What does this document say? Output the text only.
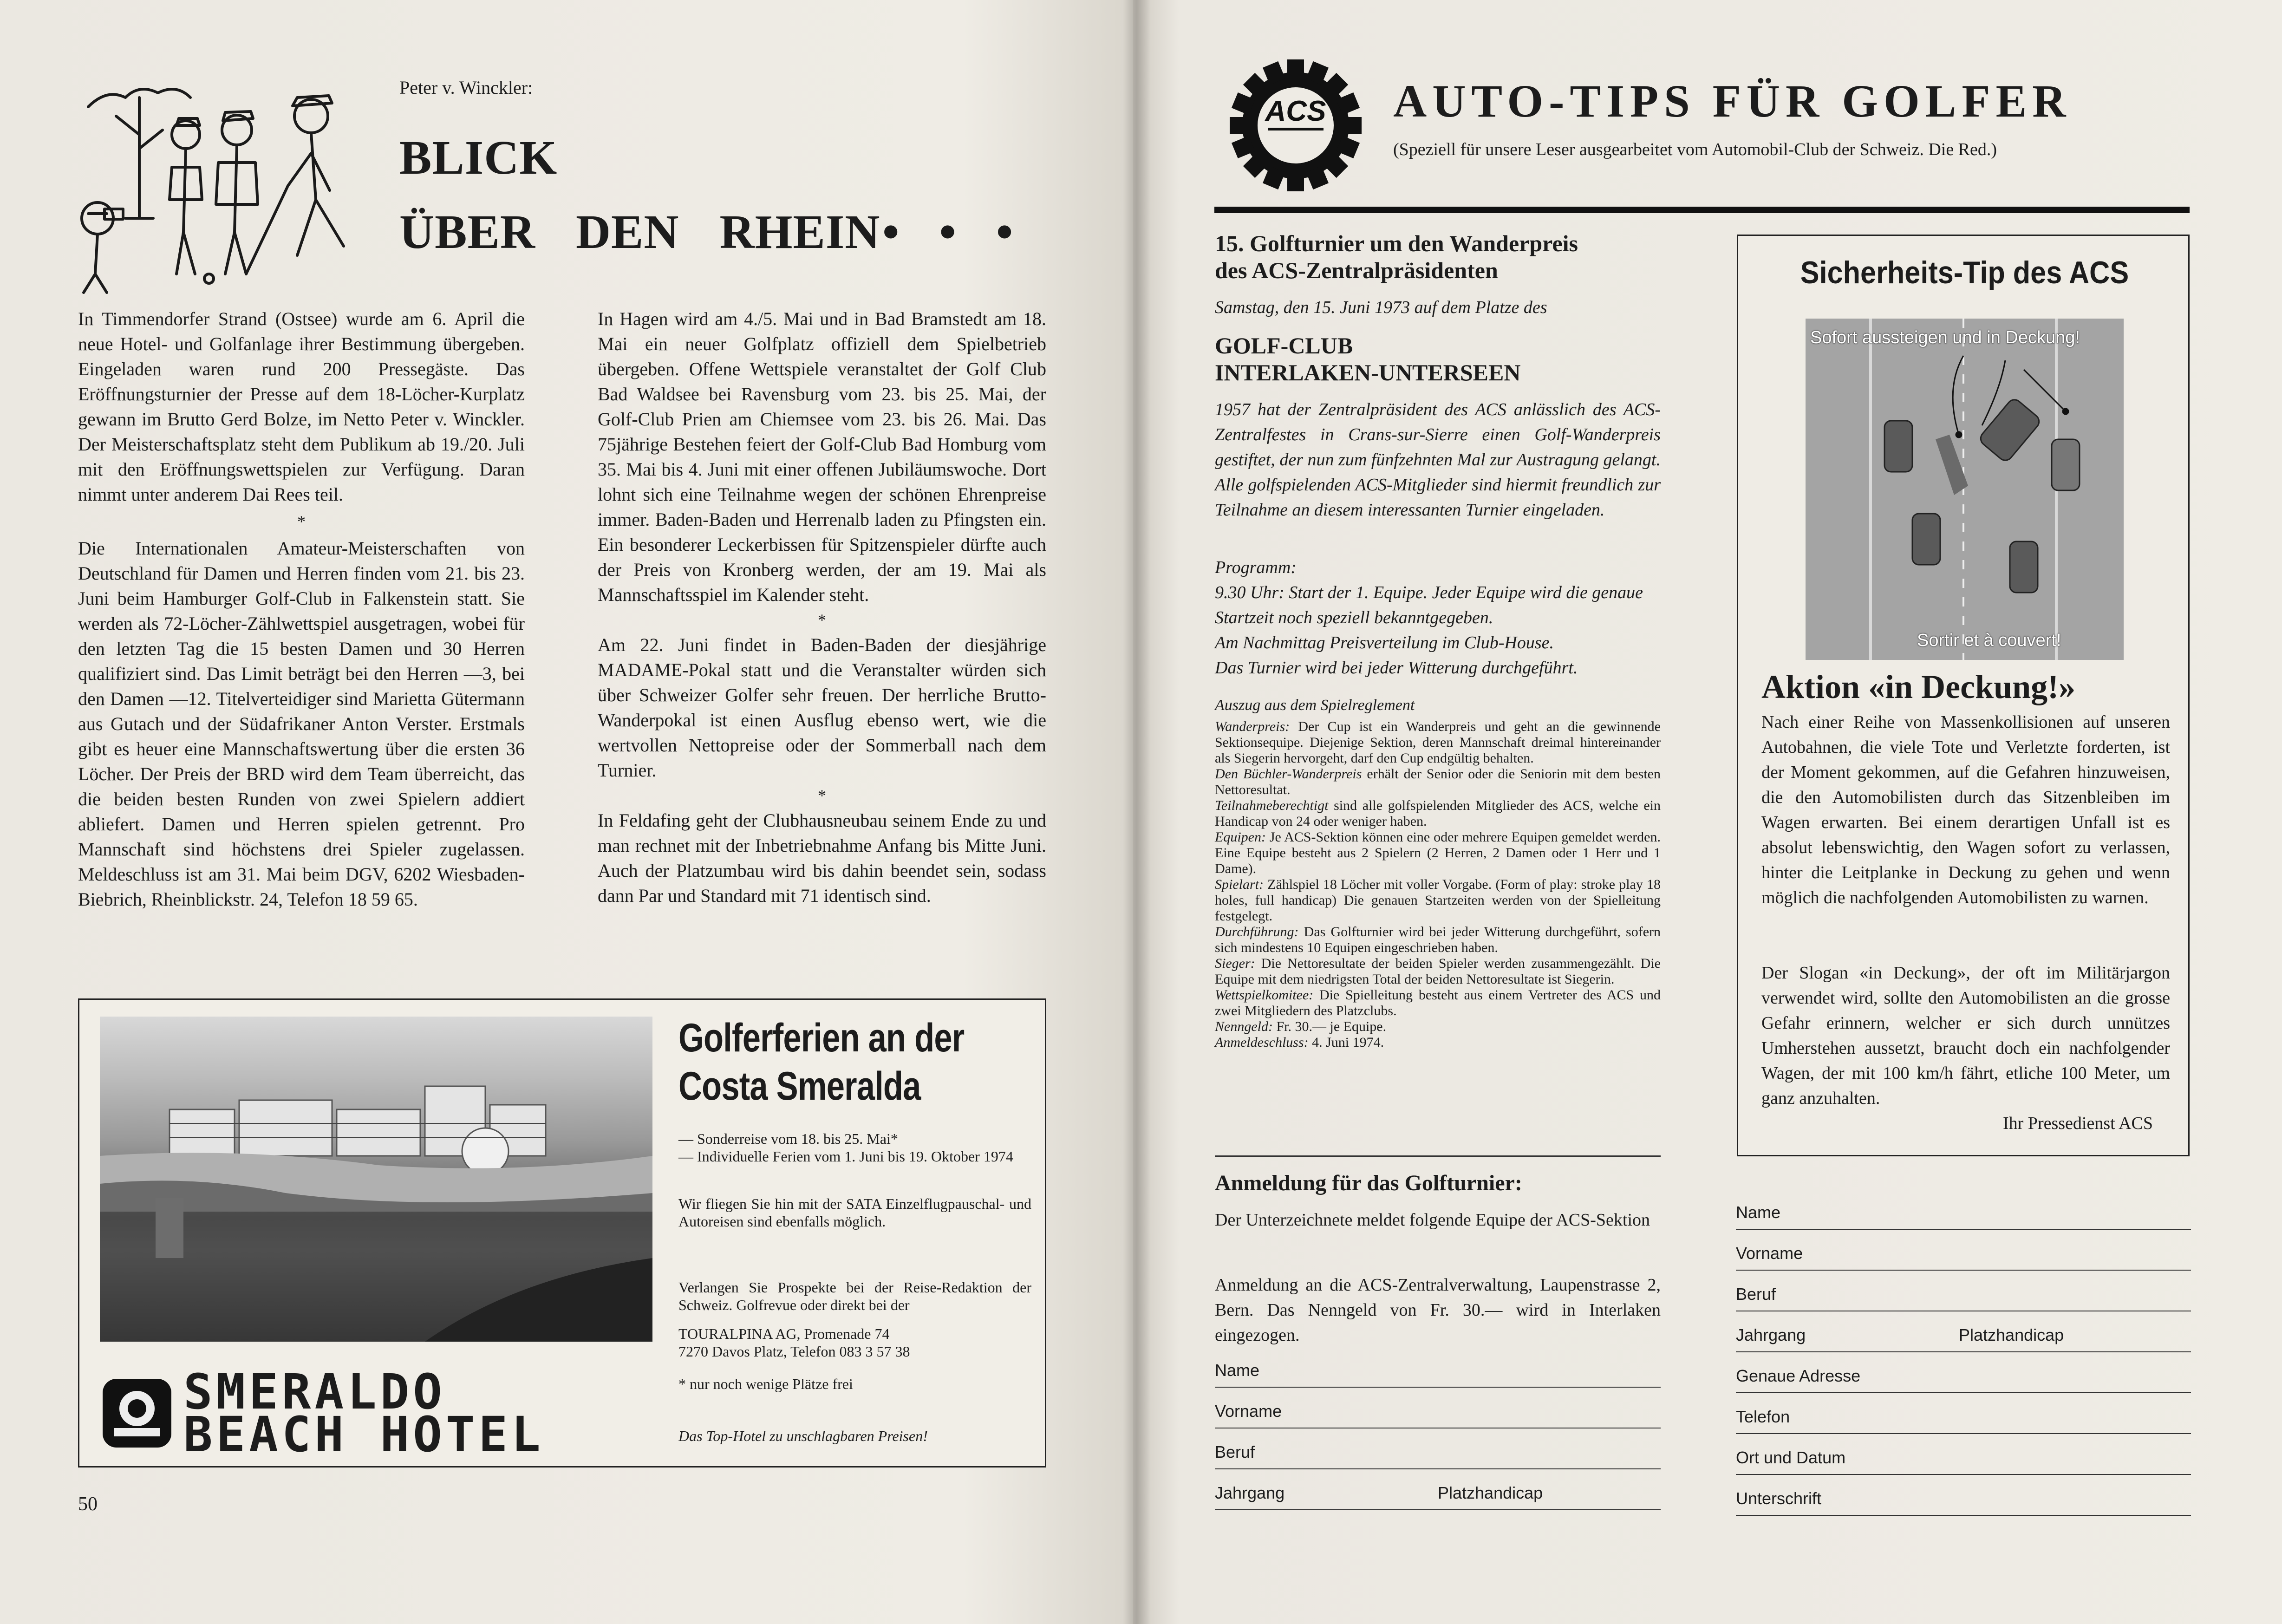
Peter v. Winckler:
BLICK
ÜBER DEN RHEIN • • •

In Timmendorfer Strand (Ostsee) wurde am 6. April die neue Hotel- und Golfanlage ihrer Bestimmung übergeben. Eingeladen waren rund 200 Pressegäste. Das Eröffnungsturnier der Presse auf dem 18-Löcher-Kurplatz gewann im Brutto Gerd Bolze, im Netto Peter v. Winckler. Der Meisterschaftsplatz steht dem Publikum ab 19./20. Juli mit den Eröffnungswettspielen zur Verfügung. Daran nimmt unter anderem Dai Rees teil.

*

Die Internationalen Amateur-Meisterschaften von Deutschland für Damen und Herren finden vom 21. bis 23. Juni beim Hamburger Golf-Club in Falkenstein statt. Sie werden als 72-Löcher-Zählwettspiel ausgetragen, wobei für den letzten Tag die 15 besten Damen und 30 Herren qualifiziert sind. Das Limit beträgt bei den Herren —3, bei den Damen —12. Titelverteidiger sind Marietta Gütermann aus Gutach und der Südafrikaner Anton Verster. Erstmals gibt es heuer eine Mannschaftswertung über die ersten 36 Löcher. Der Preis der BRD wird dem Team überreicht, das die beiden besten Runden von zwei Spielern addiert abliefert. Damen und Herren spielen getrennt. Pro Mannschaft sind höchstens drei Spieler zugelassen. Meldeschluss ist am 31. Mai beim DGV, 6202 Wiesbaden-Biebrich, Rheinblickstr. 24, Telefon 18 59 65.

In Hagen wird am 4./5. Mai und in Bad Bramstedt am 18. Mai ein neuer Golfplatz offiziell dem Spielbetrieb übergeben. Offene Wettspiele veranstaltet der Golf Club Bad Waldsee bei Ravensburg vom 23. bis 25. Mai, der Golf-Club Prien am Chiemsee vom 23. bis 26. Mai. Das 75jährige Bestehen feiert der Golf-Club Bad Homburg vom 35. Mai bis 4. Juni mit einer offenen Jubiläumswoche. Dort lohnt sich eine Teilnahme wegen der schönen Ehrenpreise immer. Baden-Baden und Herrenalb laden zu Pfingsten ein. Ein besonderer Leckerbissen für Spitzenspieler dürfte auch der Preis von Kronberg werden, der am 19. Mai als Mannschaftsspiel im Kalender steht.

*

Am 22. Juni findet in Baden-Baden der diesjährige MADAME-Pokal statt und die Veranstalter würden sich über Schweizer Golfer sehr freuen. Der herrliche Brutto-Wanderpokal ist einen Ausflug ebenso wert, wie die wertvollen Nettopreise oder der Sommerball nach dem Turnier.

*

In Feldafing geht der Clubhausneubau seinem Ende zu und man rechnet mit der Inbetriebnahme Anfang bis Mitte Juni. Auch der Platzumbau wird bis dahin beendet sein, sodass dann Par und Standard mit 71 identisch sind.

SMERALDO
BEACH HOTEL
Golferferien an der
Costa Smeralda
— Sonderreise vom 18. bis 25. Mai*
— Individuelle Ferien vom 1. Juni bis 19. Oktober 1974
Wir fliegen Sie hin mit der SATA Einzelflugpauschal- und Autoreisen sind ebenfalls möglich.
Verlangen Sie Prospekte bei der Reise-Redaktion der Schweiz. Golfrevue oder direkt bei der
TOURALPINA AG, Promenade 74
7270 Davos Platz, Telefon 083 3 57 38
* nur noch wenige Plätze frei
Das Top-Hotel zu unschlagbaren Preisen!
50
ACS AUTO-TIPS FÜR GOLFER
(Speziell für unsere Leser ausgearbeitet vom Automobil-Club der Schweiz. Die Red.)
15. Golfturnier um den Wanderpreis
des ACS-Zentralpräsidenten
Samstag, den 15. Juni 1973 auf dem Platze des
GOLF-CLUB
INTERLAKEN-UNTERSEEN
1957 hat der Zentralpräsident des ACS anlässlich des ACS-Zentralfestes in Crans-sur-Sierre einen Golf-Wanderpreis gestiftet, der nun zum fünfzehnten Mal zur Austragung gelangt. Alle golfspielenden ACS-Mitglieder sind hiermit freundlich zur Teilnahme an diesem interessanten Turnier eingeladen.
Programm:
9.30 Uhr: Start der 1. Equipe. Jeder Equipe wird die genaue Startzeit noch speziell bekanntgegeben.
Am Nachmittag Preisverteilung im Club-House.
Das Turnier wird bei jeder Witterung durchgeführt.
Auszug aus dem Spielreglement
Wanderpreis: Der Cup ist ein Wanderpreis und geht an die gewinnende Sektionsequipe. Diejenige Sektion, deren Mannschaft dreimal hintereinander als Siegerin hervorgeht, darf den Cup endgültig behalten.
Den Büchler-Wanderpreis erhält der Senior oder die Seniorin mit dem besten Nettoresultat.
Teilnahmeberechtigt sind alle golfspielenden Mitglieder des ACS, welche ein Handicap von 24 oder weniger haben.
Equipen: Je ACS-Sektion können eine oder mehrere Equipen gemeldet werden. Eine Equipe besteht aus 2 Spielern (2 Herren, 2 Damen oder 1 Herr und 1 Dame).
Spielart: Zählspiel 18 Löcher mit voller Vorgabe. (Form of play: stroke play 18 holes, full handicap) Die genauen Startzeiten werden von der Spielleitung festgelegt.
Durchführung: Das Golfturnier wird bei jeder Witterung durchgeführt, sofern sich mindestens 10 Equipen eingeschrieben haben.
Sieger: Die Nettoresultate der beiden Spieler werden zusammengezählt. Die Equipe mit dem niedrigsten Total der beiden Nettoresultate ist Siegerin.
Wettspielkomitee: Die Spielleitung besteht aus einem Vertreter des ACS und zwei Mitgliedern des Platzclubs.
Nenngeld: Fr. 30.— je Equipe.
Anmeldeschluss: 4. Juni 1974.
Anmeldung für das Golfturnier:
Der Unterzeichnete meldet folgende Equipe der ACS-Sektion
Anmeldung an die ACS-Zentralverwaltung, Laupenstrasse 2, Bern. Das Nenngeld von Fr. 30.— wird in Interlaken eingezogen.
Name
Vorname
Beruf
Jahrgang	Platzhandicap
Sicherheits-Tip des ACS
Sofort aussteigen und in Deckung!
Sortir et à couvert!
Aktion «in Deckung!»
Nach einer Reihe von Massenkollisionen auf unseren Autobahnen, die viele Tote und Verletzte forderten, ist der Moment gekommen, auf die Gefahren hinzuweisen, die den Automobilisten durch das Sitzenbleiben im Wagen erwarten. Bei einem derartigen Unfall ist es absolut lebenswichtig, den Wagen sofort zu verlassen, hinter die Leitplanke in Deckung zu gehen und wenn möglich die nachfolgenden Automobilisten zu warnen.
Der Slogan «in Deckung», der oft im Militärjargon verwendet wird, sollte den Automobilisten an die grosse Gefahr erinnern, welcher er sich durch unnützes Umherstehen aussetzt, braucht doch ein nachfolgender Wagen, der mit 100 km/h fährt, etliche 100 Meter, um ganz anzuhalten.
Ihr Pressedienst ACS
Name
Vorname
Beruf
Jahrgang	Platzhandicap
Genaue Adresse
Telefon
Ort und Datum
Unterschrift
